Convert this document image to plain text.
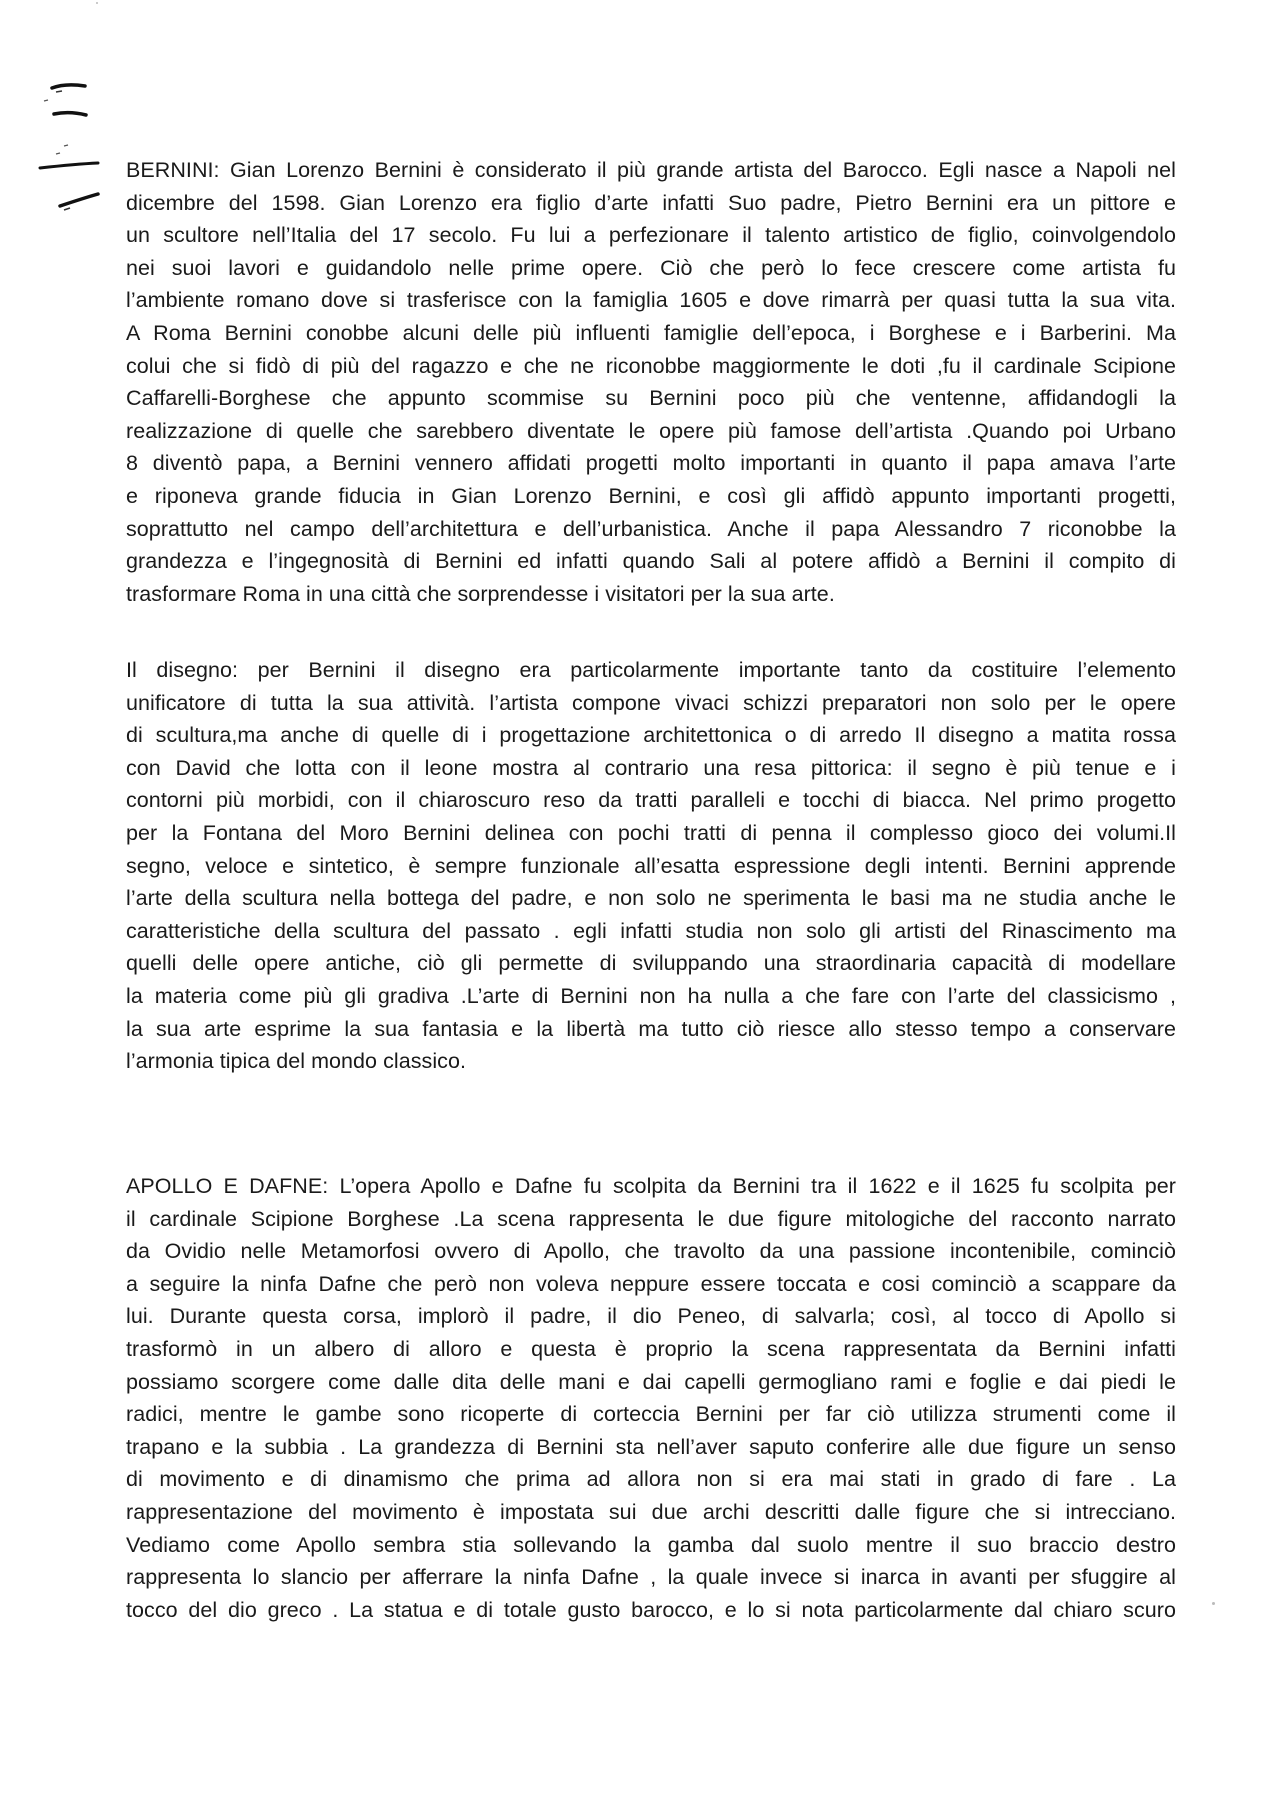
BERNINI: Gian Lorenzo Bernini è considerato il più grande artista del Barocco. Egli nasce a Napoli nel
dicembre del 1598. Gian Lorenzo era figlio d’arte infatti Suo padre, Pietro Bernini era un pittore e
un scultore nell’Italia del 17 secolo. Fu lui a perfezionare il talento artistico de figlio, coinvolgendolo
nei suoi lavori e guidandolo nelle prime opere. Ciò che però lo fece crescere come artista fu
l’ambiente romano dove si trasferisce con la famiglia 1605 e dove rimarrà per quasi tutta la sua vita.
A Roma Bernini conobbe alcuni delle più influenti famiglie dell’epoca, i Borghese e i Barberini. Ma
colui che si fidò di più del ragazzo e che ne riconobbe maggiormente le doti ,fu il cardinale Scipione
Caffarelli-Borghese che appunto scommise su Bernini poco più che ventenne, affidandogli la
realizzazione di quelle che sarebbero diventate le opere più famose dell’artista .Quando poi Urbano
8 diventò papa, a Bernini vennero affidati progetti molto importanti in quanto il papa amava l’arte
e riponeva grande fiducia in Gian Lorenzo Bernini, e così gli affidò appunto importanti progetti,
soprattutto nel campo dell’architettura e dell’urbanistica. Anche il papa Alessandro 7 riconobbe la
grandezza e l’ingegnosità di Bernini ed infatti quando Sali al potere affidò a Bernini il compito di
trasformare Roma in una città che sorprendesse i visitatori per la sua arte.
Il disegno: per Bernini il disegno era particolarmente importante tanto da costituire l’elemento
unificatore di tutta la sua attività. l’artista compone vivaci schizzi preparatori non solo per le opere
di scultura,ma anche di quelle di i progettazione architettonica o di arredo Il disegno a matita rossa
con David che lotta con il leone mostra al contrario una resa pittorica: il segno è più tenue e i
contorni più morbidi, con il chiaroscuro reso da tratti paralleli e tocchi di biacca. Nel primo progetto
per la Fontana del Moro Bernini delinea con pochi tratti di penna il complesso gioco dei volumi.Il
segno, veloce e sintetico, è sempre funzionale all’esatta espressione degli intenti. Bernini apprende
l’arte della scultura nella bottega del padre, e non solo ne sperimenta le basi ma ne studia anche le
caratteristiche della scultura del passato . egli infatti studia non solo gli artisti del Rinascimento ma
quelli delle opere antiche, ciò gli permette di sviluppando una straordinaria capacità di modellare
la materia come più gli gradiva .L’arte di Bernini non ha nulla a che fare con l’arte del classicismo ,
la sua arte esprime la sua fantasia e la libertà ma tutto ciò riesce allo stesso tempo a conservare
l’armonia tipica del mondo classico.
APOLLO E DAFNE: L’opera Apollo e Dafne fu scolpita da Bernini tra il 1622 e il 1625 fu scolpita per
il cardinale Scipione Borghese .La scena rappresenta le due figure mitologiche del racconto narrato
da Ovidio nelle Metamorfosi ovvero di Apollo, che travolto da una passione incontenibile, cominciò
a seguire la ninfa Dafne che però non voleva neppure essere toccata e cosi cominciò a scappare da
lui. Durante questa corsa, implorò il padre, il dio Peneo, di salvarla; così, al tocco di Apollo si
trasformò in un albero di alloro e questa è proprio la scena rappresentata da Bernini infatti
possiamo scorgere come dalle dita delle mani e dai capelli germogliano rami e foglie e dai piedi le
radici, mentre le gambe sono ricoperte di corteccia Bernini per far ciò utilizza strumenti come il
trapano e la subbia . La grandezza di Bernini sta nell’aver saputo conferire alle due figure un senso
di movimento e di dinamismo che prima ad allora non si era mai stati in grado di fare . La
rappresentazione del movimento è impostata sui due archi descritti dalle figure che si intrecciano.
Vediamo come Apollo sembra stia sollevando la gamba dal suolo mentre il suo braccio destro
rappresenta lo slancio per afferrare la ninfa Dafne , la quale invece si inarca in avanti per sfuggire al
tocco del dio greco . La statua e di totale gusto barocco, e lo si nota particolarmente dal chiaro scuro
